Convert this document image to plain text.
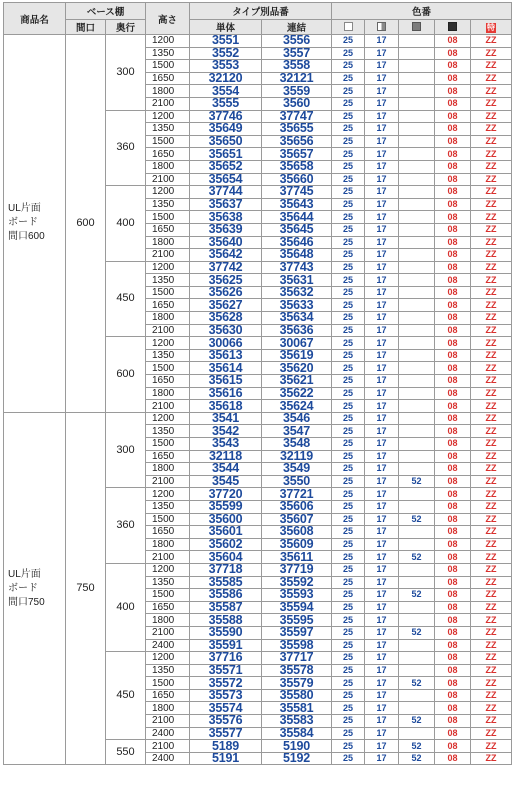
商品名	ベース棚		高さ	タイプ別品番		色番				
	間口	奥行		単体	連結					特
UL片面
ボード
間口600	600	300	1200	3551	3556	25	17		08	ZZ
			1350	3552	3557	25	17		08	ZZ
			1500	3553	3558	25	17		08	ZZ
			1650	32120	32121	25	17		08	ZZ
			1800	3554	3559	25	17		08	ZZ
			2100	3555	3560	25	17		08	ZZ
		360	1200	37746	37747	25	17		08	ZZ
			1350	35649	35655	25	17		08	ZZ
			1500	35650	35656	25	17		08	ZZ
			1650	35651	35657	25	17		08	ZZ
			1800	35652	35658	25	17		08	ZZ
			2100	35654	35660	25	17		08	ZZ
		400	1200	37744	37745	25	17		08	ZZ
			1350	35637	35643	25	17		08	ZZ
			1500	35638	35644	25	17		08	ZZ
			1650	35639	35645	25	17		08	ZZ
			1800	35640	35646	25	17		08	ZZ
			2100	35642	35648	25	17		08	ZZ
		450	1200	37742	37743	25	17		08	ZZ
			1350	35625	35631	25	17		08	ZZ
			1500	35626	35632	25	17		08	ZZ
			1650	35627	35633	25	17		08	ZZ
			1800	35628	35634	25	17		08	ZZ
			2100	35630	35636	25	17		08	ZZ
		600	1200	30066	30067	25	17		08	ZZ
			1350	35613	35619	25	17		08	ZZ
			1500	35614	35620	25	17		08	ZZ
			1650	35615	35621	25	17		08	ZZ
			1800	35616	35622	25	17		08	ZZ
			2100	35618	35624	25	17		08	ZZ
UL片面
ボード
間口750	750	300	1200	3541	3546	25	17		08	ZZ
			1350	3542	3547	25	17		08	ZZ
			1500	3543	3548	25	17		08	ZZ
			1650	32118	32119	25	17		08	ZZ
			1800	3544	3549	25	17		08	ZZ
			2100	3545	3550	25	17	52	08	ZZ
		360	1200	37720	37721	25	17		08	ZZ
			1350	35599	35606	25	17		08	ZZ
			1500	35600	35607	25	17	52	08	ZZ
			1650	35601	35608	25	17		08	ZZ
			1800	35602	35609	25	17		08	ZZ
			2100	35604	35611	25	17	52	08	ZZ
		400	1200	37718	37719	25	17		08	ZZ
			1350	35585	35592	25	17		08	ZZ
			1500	35586	35593	25	17	52	08	ZZ
			1650	35587	35594	25	17		08	ZZ
			1800	35588	35595	25	17		08	ZZ
			2100	35590	35597	25	17	52	08	ZZ
			2400	35591	35598	25	17		08	ZZ
		450	1200	37716	37717	25	17		08	ZZ
			1350	35571	35578	25	17		08	ZZ
			1500	35572	35579	25	17	52	08	ZZ
			1650	35573	35580	25	17		08	ZZ
			1800	35574	35581	25	17		08	ZZ
			2100	35576	35583	25	17	52	08	ZZ
			2400	35577	35584	25	17		08	ZZ
		550	2100	5189	5190	25	17	52	08	ZZ
			2400	5191	5192	25	17	52	08	ZZ
